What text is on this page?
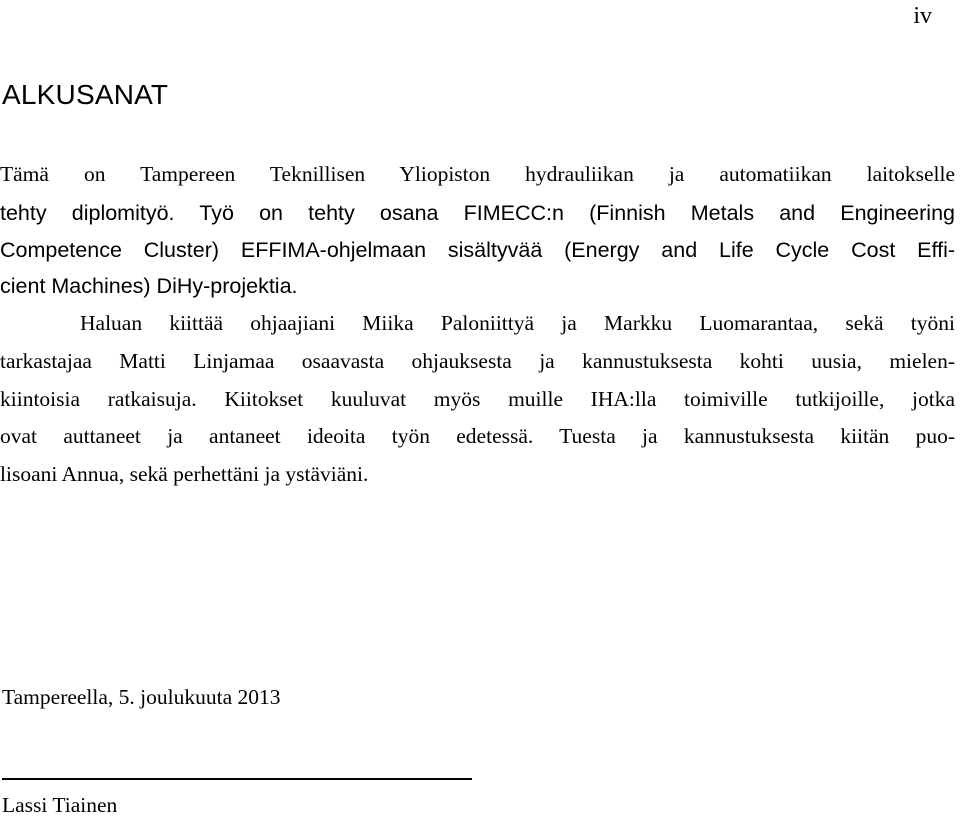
iv
ALKUSANAT
Tämä on Tampereen Teknillisen Yliopiston hydrauliikan ja automatiikan laitokselle
tehty diplomityö. Työ on tehty osana FIMECC:n (Finnish Metals and Engineering
Competence Cluster) EFFIMA-ohjelmaan sisältyvää (Energy and Life Cycle Cost Effi-
cient Machines) DiHy-projektia.
Haluan kiittää ohjaajiani Miika Paloniittyä ja Markku Luomarantaa, sekä työni
tarkastajaa Matti Linjamaa osaavasta ohjauksesta ja kannustuksesta kohti uusia, mielen-
kiintoisia ratkaisuja. Kiitokset kuuluvat myös muille IHA:lla toimiville tutkijoille, jotka
ovat auttaneet ja antaneet ideoita työn edetessä. Tuesta ja kannustuksesta kiitän puo-
lisoani Annua, sekä perhettäni ja ystäviäni.
Tampereella, 5. joulukuuta 2013
Lassi Tiainen
